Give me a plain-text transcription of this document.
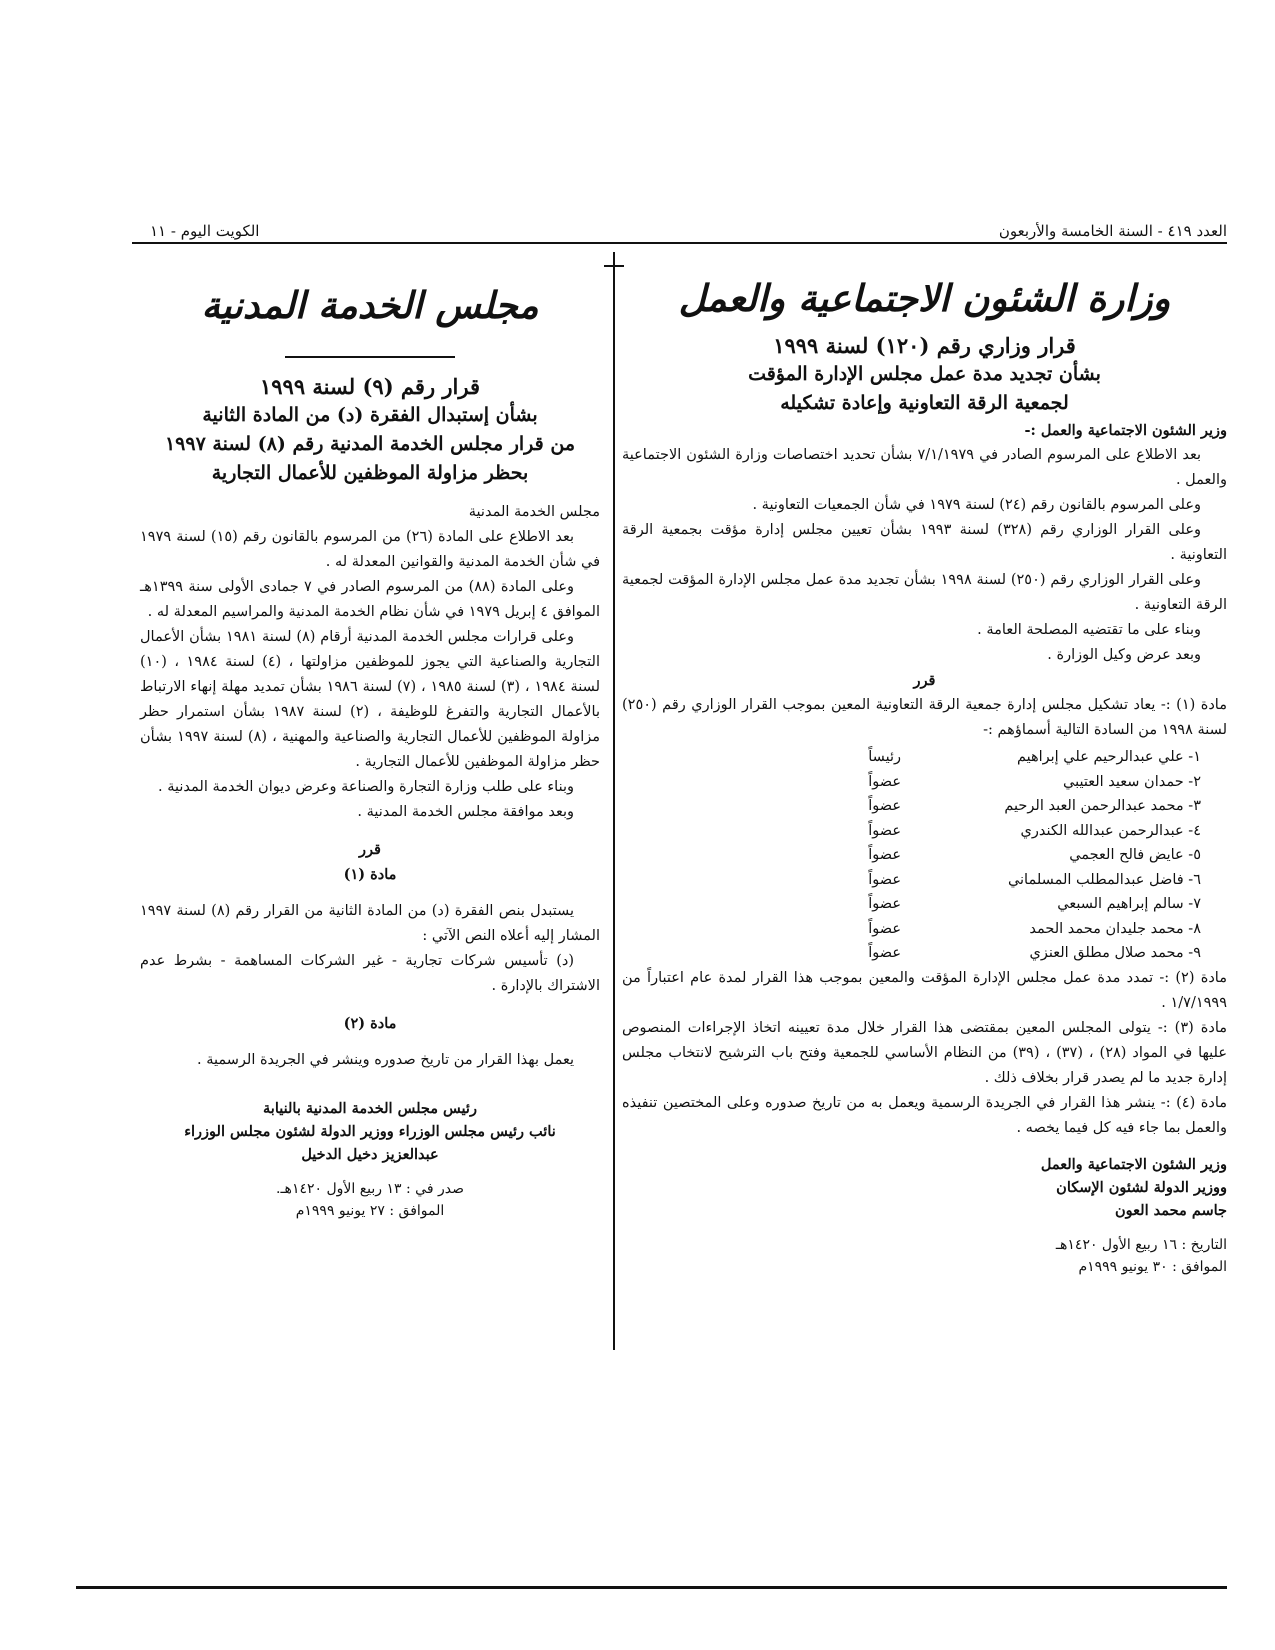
العدد ٤١٩ - السنة الخامسة والأربعون
الكويت اليوم - ١١
وزارة الشئون الاجتماعية والعمل
قرار وزاري رقم (١٢٠) لسنة ١٩٩٩
بشأن تجديد مدة عمل مجلس الإدارة المؤقت
لجمعية الرقة التعاونية وإعادة تشكيله

وزير الشئون الاجتماعية والعمل :-

بعد الاطلاع على المرسوم الصادر في ٧/١/١٩٧٩ بشأن تحديد اختصاصات وزارة الشئون الاجتماعية والعمل .

وعلى المرسوم بالقانون رقم (٢٤) لسنة ١٩٧٩ في شأن الجمعيات التعاونية .

وعلى القرار الوزاري رقم (٣٢٨) لسنة ١٩٩٣ بشأن تعيين مجلس إدارة مؤقت بجمعية الرقة التعاونية .

وعلى القرار الوزاري رقم (٢٥٠) لسنة ١٩٩٨ بشأن تجديد مدة عمل مجلس الإدارة المؤقت لجمعية الرقة التعاونية .

وبناء على ما تقتضيه المصلحة العامة .

وبعد عرض وكيل الوزارة .

قرر

مادة (١) :- يعاد تشكيل مجلس إدارة جمعية الرقة التعاونية المعين بموجب القرار الوزاري رقم (٢٥٠) لسنة ١٩٩٨ من السادة التالية أسماؤهم :-

١- علي عبدالرحيم علي إبراهيم
رئيساً
٢- حمدان سعيد العتيبي
عضواً
٣- محمد عبدالرحمن العبد الرحيم
عضواً
٤- عبدالرحمن عبدالله الكندري
عضواً
٥- عايض فالح العجمي
عضواً
٦- فاضل عبدالمطلب المسلماني
عضواً
٧- سالم إبراهيم السبعي
عضواً
٨- محمد جليدان محمد الحمد
عضواً
٩- محمد صلال مطلق العنزي
عضواً

مادة (٢) :- تمدد مدة عمل مجلس الإدارة المؤقت والمعين بموجب هذا القرار لمدة عام اعتباراً من ١/٧/١٩٩٩ .

مادة (٣) :- يتولى المجلس المعين بمقتضى هذا القرار خلال مدة تعيينه اتخاذ الإجراءات المنصوص عليها في المواد (٢٨) ، (٣٧) ، (٣٩) من النظام الأساسي للجمعية وفتح باب الترشيح لانتخاب مجلس إدارة جديد ما لم يصدر قرار بخلاف ذلك .

مادة (٤) :- ينشر هذا القرار في الجريدة الرسمية ويعمل به من تاريخ صدوره وعلى المختصين تنفيذه والعمل بما جاء فيه كل فيما يخصه .

وزير الشئون الاجتماعية والعمل
ووزير الدولة لشئون الإسكان
جاسم محمد العون
التاريخ : ١٦ ربيع الأول ١٤٢٠هـ
الموافق : ٣٠ يونيو ١٩٩٩م
مجلس الخدمة المدنية
قرار رقم (٩) لسنة ١٩٩٩
بشأن إستبدال الفقرة (د) من المادة الثانية
من قرار مجلس الخدمة المدنية رقم (٨) لسنة ١٩٩٧
بحظر مزاولة الموظفين للأعمال التجارية

مجلس الخدمة المدنية

بعد الاطلاع على المادة (٢٦) من المرسوم بالقانون رقم (١٥) لسنة ١٩٧٩ في شأن الخدمة المدنية والقوانين المعدلة له .

وعلى المادة (٨٨) من المرسوم الصادر في ٧ جمادى الأولى سنة ١٣٩٩هـ الموافق ٤ إبريل ١٩٧٩ في شأن نظام الخدمة المدنية والمراسيم المعدلة له .

وعلى قرارات مجلس الخدمة المدنية أرقام (٨) لسنة ١٩٨١ بشأن الأعمال التجارية والصناعية التي يجوز للموظفين مزاولتها ، (٤) لسنة ١٩٨٤ ، (١٠) لسنة ١٩٨٤ ، (٣) لسنة ١٩٨٥ ، (٧) لسنة ١٩٨٦ بشأن تمديد مهلة إنهاء الارتباط بالأعمال التجارية والتفرغ للوظيفة ، (٢) لسنة ١٩٨٧ بشأن استمرار حظر مزاولة الموظفين للأعمال التجارية والصناعية والمهنية ، (٨) لسنة ١٩٩٧ بشأن حظر مزاولة الموظفين للأعمال التجارية .

وبناء على طلب وزارة التجارة والصناعة وعرض ديوان الخدمة المدنية .

وبعد موافقة مجلس الخدمة المدنية .

قرر

مادة (١)

يستبدل بنص الفقرة (د) من المادة الثانية من القرار رقم (٨) لسنة ١٩٩٧ المشار إليه أعلاه النص الآتي :

(د) تأسيس شركات تجارية - غير الشركات المساهمة - بشرط عدم الاشتراك بالإدارة .

مادة (٢)

يعمل بهذا القرار من تاريخ صدوره وينشر في الجريدة الرسمية .

رئيس مجلس الخدمة المدنية بالنيابة
نائب رئيس مجلس الوزراء ووزير الدولة لشئون مجلس الوزراء
عبدالعزيز دخيل الدخيل
صدر في : ١٣ ربيع الأول ١٤٢٠هـ.
الموافق : ٢٧ يونيو ١٩٩٩م
